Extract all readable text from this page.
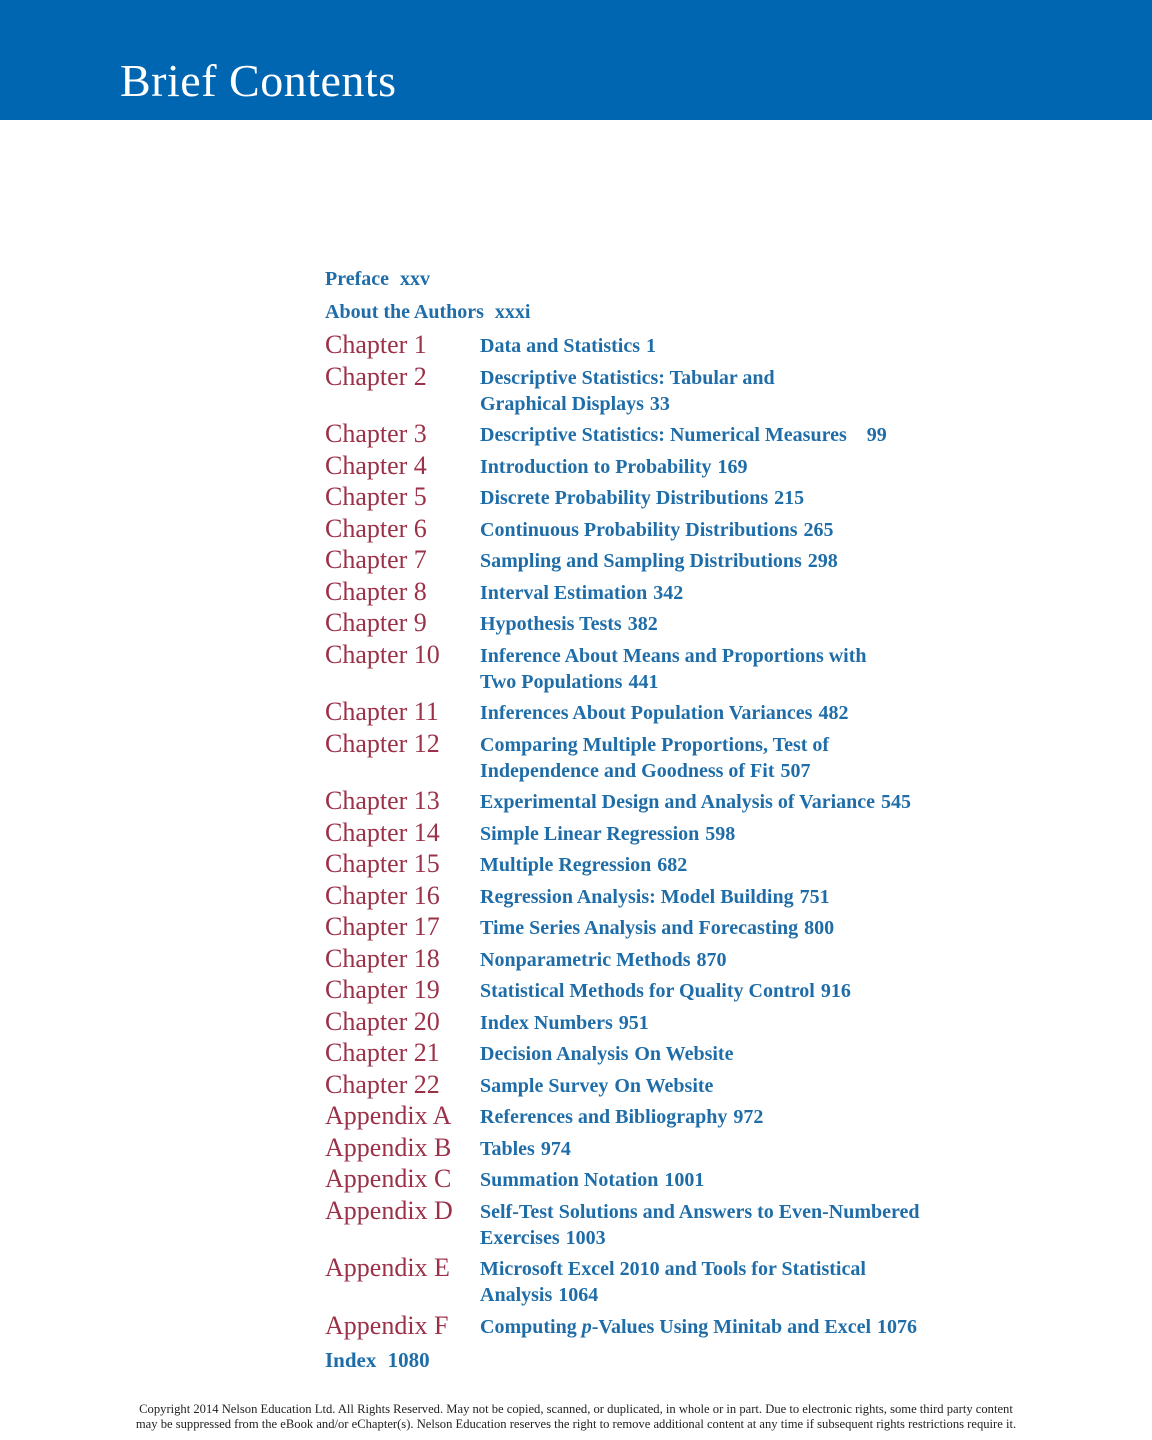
Brief Contents
Preface xxv
About the Authors xxxi
Chapter 1	Data and Statistics 1
Chapter 2	Descriptive Statistics: Tabular and
Graphical Displays 33
Chapter 3	Descriptive Statistics: Numerical Measures 99
Chapter 4	Introduction to Probability 169
Chapter 5	Discrete Probability Distributions 215
Chapter 6	Continuous Probability Distributions 265
Chapter 7	Sampling and Sampling Distributions 298
Chapter 8	Interval Estimation 342
Chapter 9	Hypothesis Tests 382
Chapter 10	Inference About Means and Proportions with
Two Populations 441
Chapter 11	Inferences About Population Variances 482
Chapter 12	Comparing Multiple Proportions, Test of
Independence and Goodness of Fit 507
Chapter 13	Experimental Design and Analysis of Variance 545
Chapter 14	Simple Linear Regression 598
Chapter 15	Multiple Regression 682
Chapter 16	Regression Analysis: Model Building 751
Chapter 17	Time Series Analysis and Forecasting 800
Chapter 18	Nonparametric Methods 870
Chapter 19	Statistical Methods for Quality Control 916
Chapter 20	Index Numbers 951
Chapter 21	Decision Analysis On Website
Chapter 22	Sample Survey On Website
Appendix A	References and Bibliography 972
Appendix B	Tables 974
Appendix C	Summation Notation 1001
Appendix D	Self-Test Solutions and Answers to Even-Numbered
Exercises 1003
Appendix E	Microsoft Excel 2010 and Tools for Statistical
Analysis 1064
Appendix F	Computing p-Values Using Minitab and Excel 1076
Index 1080
Copyright 2014 Nelson Education Ltd. All Rights Reserved. May not be copied, scanned, or duplicated, in whole or in part. Due to electronic rights, some third party content
may be suppressed from the eBook and/or eChapter(s). Nelson Education reserves the right to remove additional content at any time if subsequent rights restrictions require it.
